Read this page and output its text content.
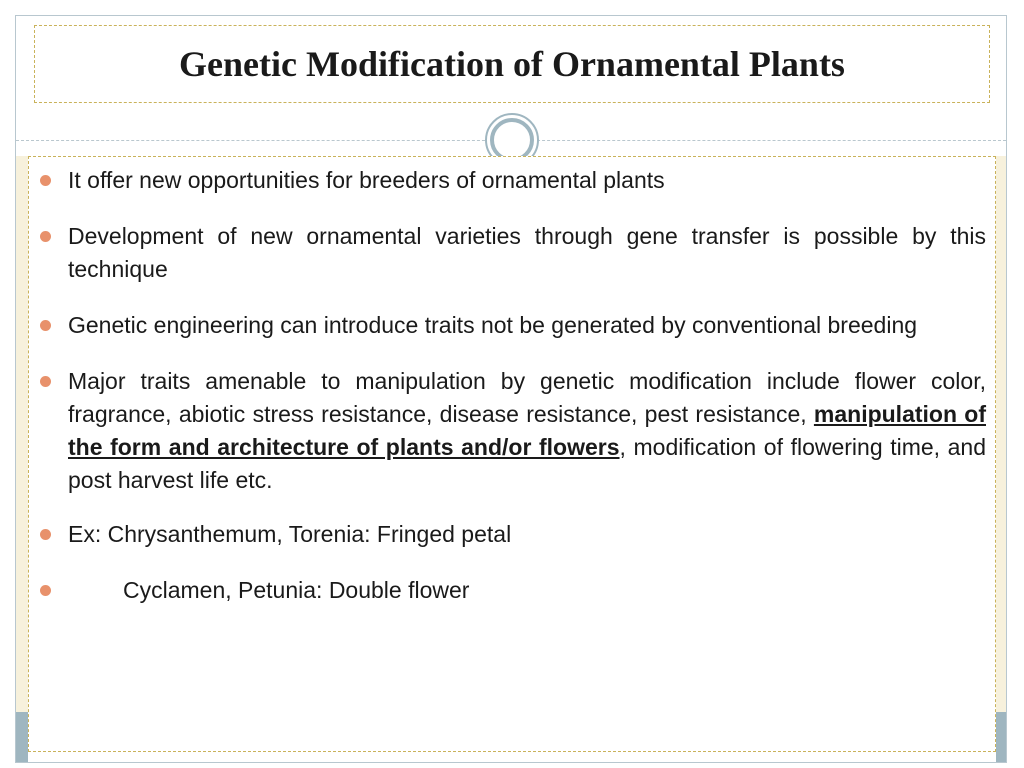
Genetic Modification of Ornamental Plants
It offer new opportunities for breeders of ornamental plants
Development of new ornamental varieties through gene transfer is possible by this technique
Genetic engineering can introduce traits not be generated by conventional breeding
Major traits amenable to manipulation by genetic modification include flower color, fragrance, abiotic stress resistance, disease resistance, pest resistance, manipulation of the form and architecture of plants and/or flowers, modification of flowering time, and post harvest life etc.
Ex: Chrysanthemum, Torenia: Fringed petal
Cyclamen, Petunia: Double flower
